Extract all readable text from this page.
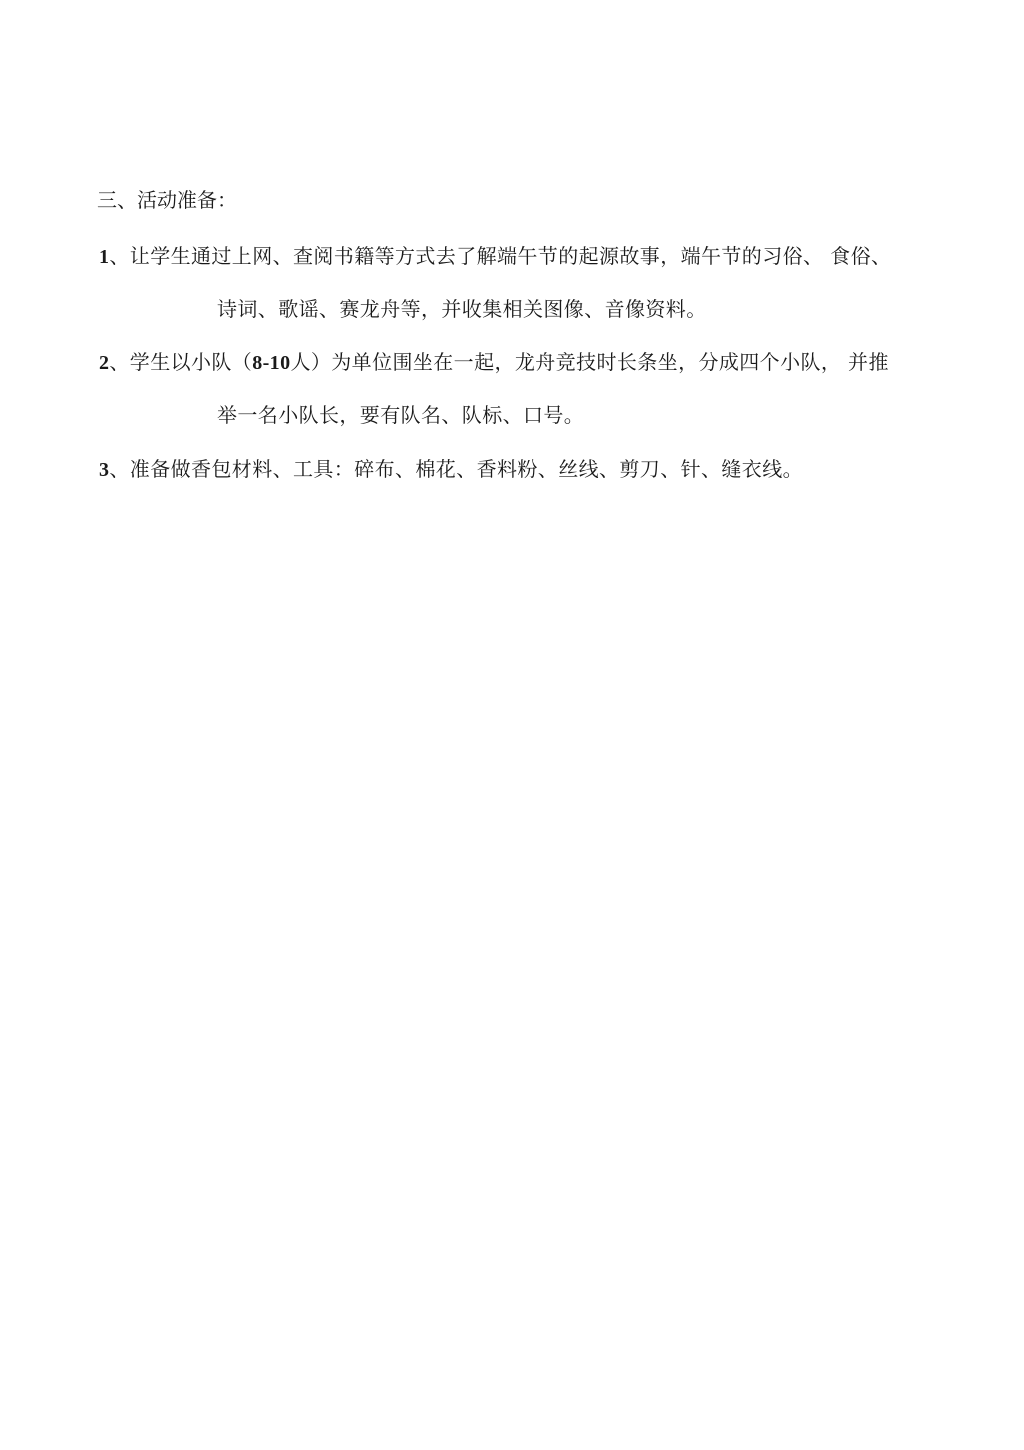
三、活动准备：
1、让学生通过上网、查阅书籍等方式去了解端午节的起源故事，端午节的习俗、 食俗、
诗词、歌谣、赛龙舟等，并收集相关图像、音像资料。
2、学生以小队（8-10人）为单位围坐在一起，龙舟竞技时长条坐，分成四个小队， 并推
举一名小队长，要有队名、队标、口号。
3、准备做香包材料、工具：碎布、棉花、香料粉、丝线、剪刀、针、缝衣线。
